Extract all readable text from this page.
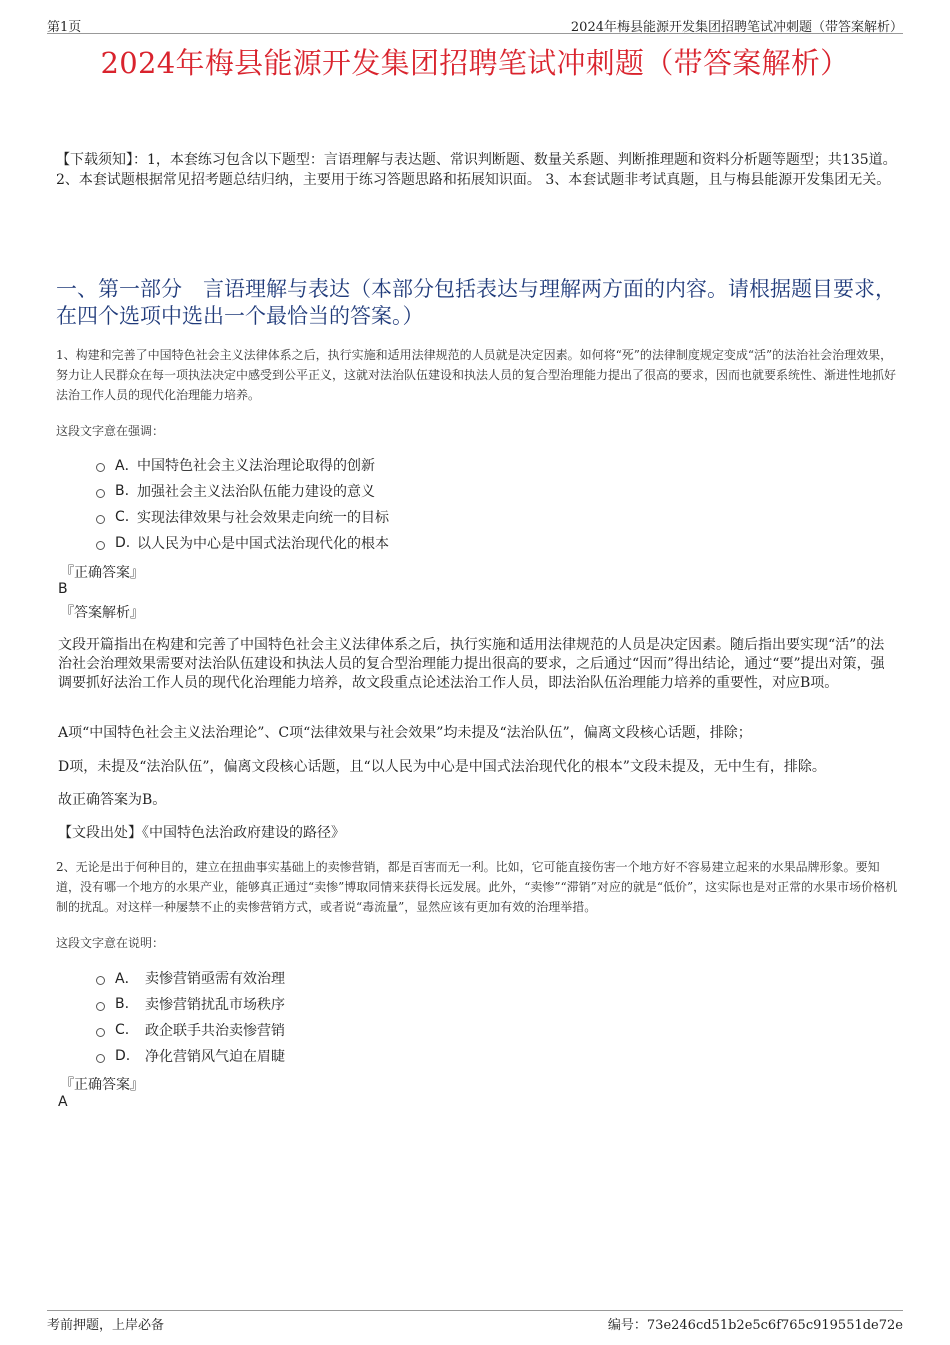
第1页	2024年梅县能源开发集团招聘笔试冲刺题（带答案解析）
2024年梅县能源开发集团招聘笔试冲刺题（带答案解析）
【下载须知】：1，本套练习包含以下题型：言语理解与表达题、常识判断题、数量关系题、判断推理题和资料分析题等题型；共135道。 2、本套试题根据常见招考题总结归纳，主要用于练习答题思路和拓展知识面。 3、本套试题非考试真题，且与梅县能源开发集团无关。
一、第一部分　言语理解与表达（本部分包括表达与理解两方面的内容。请根据题目要求，在四个选项中选出一个最恰当的答案。）
1、构建和完善了中国特色社会主义法律体系之后，执行实施和适用法律规范的人员就是决定因素。如何将“死”的法律制度规定变成“活”的法治社会治理效果，努力让人民群众在每一项执法决定中感受到公平正义，这就对法治队伍建设和执法人员的复合型治理能力提出了很高的要求，因而也就要系统性、渐进性地抓好法治工作人员的现代化治理能力培养。
这段文字意在强调：
A．
中国特色社会主义法治理论取得的创新
B. 加强社会主义法治队伍能力建设的意义
C. 实现法律效果与社会效果走向统一的目标
D. 以人民为中心是中国式法治现代化的根本
『正确答案』
B
『答案解析』
文段开篇指出在构建和完善了中国特色社会主义法律体系之后，执行实施和适用法律规范的人员是决定因素。随后指出要实现“活”的法治社会治理效果需要对法治队伍建设和执法人员的复合型治理能力提出很高的要求，之后通过“因而”得出结论，通过“要”提出对策，强调要抓好法治工作人员的现代化治理能力培养，故文段重点论述法治工作人员，即法治队伍治理能力培养的重要性，对应B项。
A项“中国特色社会主义法治理论”、C项“法律效果与社会效果”均未提及“法治队伍”，偏离文段核心话题，排除；
D项，未提及“法治队伍”，偏离文段核心话题，且“以人民为中心是中国式法治现代化的根本”文段未提及，无中生有，排除。
故正确答案为B。
【文段出处】《中国特色法治政府建设的路径》
2、无论是出于何种目的，建立在扭曲事实基础上的卖惨营销，都是百害而无一利。比如，它可能直接伤害一个地方好不容易建立起来的水果品牌形象。要知道，没有哪一个地方的水果产业，能够真正通过“卖惨”博取同情来获得长远发展。此外，“卖惨”“滞销”对应的就是“低价”，这实际也是对正常的水果市场价格机制的扰乱。对这样一种屡禁不止的卖惨营销方式，或者说“毒流量”，显然应该有更加有效的治理举措。
这段文字意在说明：
A． 卖惨营销亟需有效治理
B.	卖惨营销扰乱市场秩序
C.	政企联手共治卖惨营销
D.	净化营销风气迫在眉睫
『正确答案』
A
考前押题，上岸必备	编号：73e246cd51b2e5c6f765c919551de72e
